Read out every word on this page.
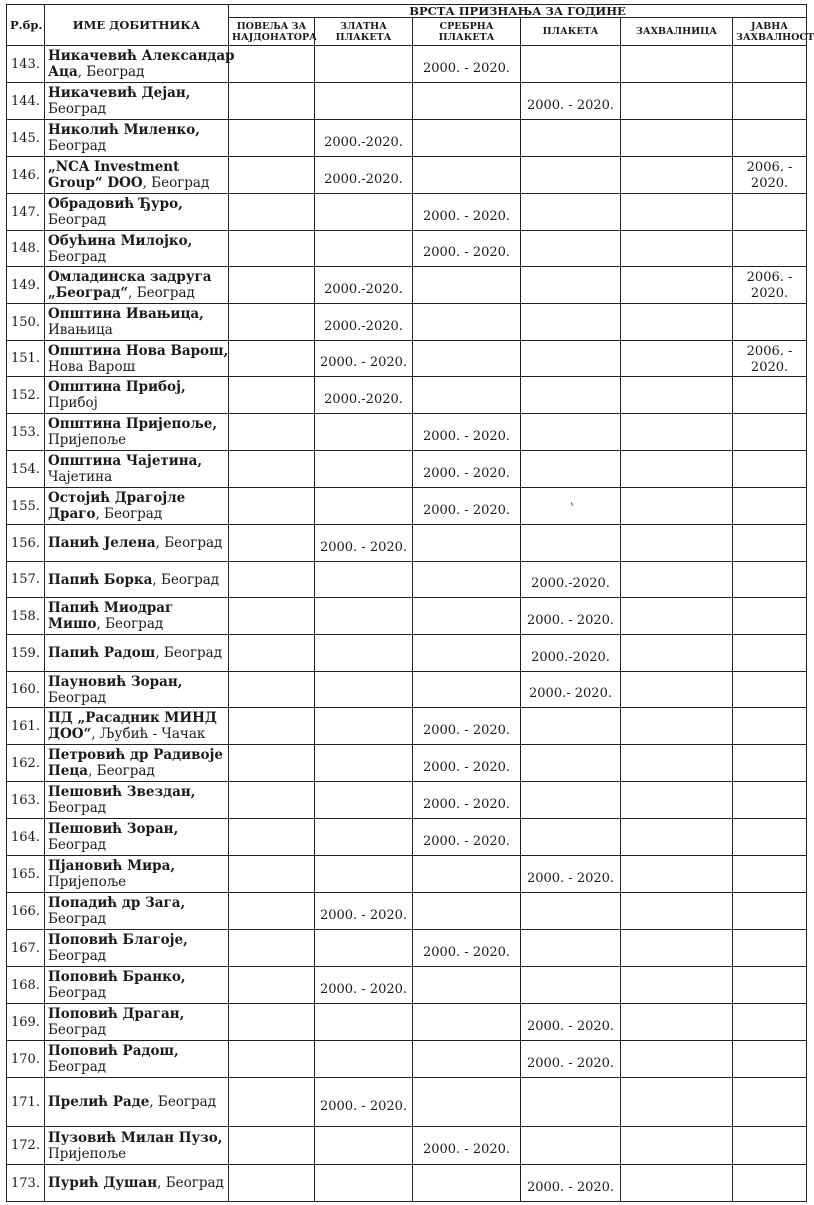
Р.бр.	ИМЕ ДОБИТНИКА	ВРСТА ПРИЗНАЊА ЗА ГОДИНЕ					

		ПОВЕЉА ЗА
НАЈДОНАТОРА	ЗЛАТНА ПЛАКЕТА	СРЕБРНА
ПЛАКЕТА	ПЛАКЕТА	ЗАХВАЛНИЦА	ЈАВНА
ЗАХВАЛНОСТ

143.	Никачевић Александар
Аца, Београд			2000. - 2020.			
144.	Никачевић Дејан,
Београд				2000. - 2020.		
145.	Николић Миленко,
Београд		2000.-2020.				
146.	„NCA Investment
Group“ DOO, Београд		2000.-2020.				2006. - 2020.
147.	Обрадовић Ђуро,
Београд			2000. - 2020.			
148.	Обућина Милојко,
Београд			2000. - 2020.			
149.	Омладинска задруга
„Београд“, Београд		2000.-2020.				2006. - 2020.
150.	Општина Ивањица,
Ивањица		2000.-2020.				
151.	Општина Нова Варош,
Нова Варош		2000. - 2020.				2006. - 2020.
152.	Општина Прибој,
Прибој		2000.-2020.				
153.	Општина Пријепоље,
Пријепоље			2000. - 2020.			
154.	Општина Чајетина,
Чајетина			2000. - 2020.			
155.	Остојић Драгојле
Драго, Београд			2000. - 2020.	`		
156.	Панић Јелена, Београд		2000. - 2020.				
157.	Папић Борка, Београд				2000.-2020.		
158.	Папић Миодраг
Мишо, Београд				2000. - 2020.		
159.	Папић Радош, Београд				2000.-2020.		
160.	Пауновић Зоран,
Београд				2000.- 2020.		
161.	ПД „Расадник МИНД
ДОО“, Љубић - Чачак			2000. - 2020.			
162.	Петровић др Радивоје
Пеца, Београд			2000. - 2020.			
163.	Пешовић Звездан,
Београд			2000. - 2020.			
164.	Пешовић Зоран,
Београд			2000. - 2020.			
165.	Пјановић Мира,
Пријепоље				2000. - 2020.		
166.	Попадић др Зага,
Београд		2000. - 2020.				
167.	Поповић Благоје,
Београд			2000. - 2020.			
168.	Поповић Бранко,
Београд		2000. - 2020.				
169.	Поповић Драган,
Београд				2000. - 2020.		
170.	Поповић Радош,
Београд				2000. - 2020.		
171.	Прелић Раде, Београд		2000. - 2020.				
172.	Пузовић Милан Пузо,
Пријепоље			2000. - 2020.			
173.	Пурић Душан, Београд				2000. - 2020.		
